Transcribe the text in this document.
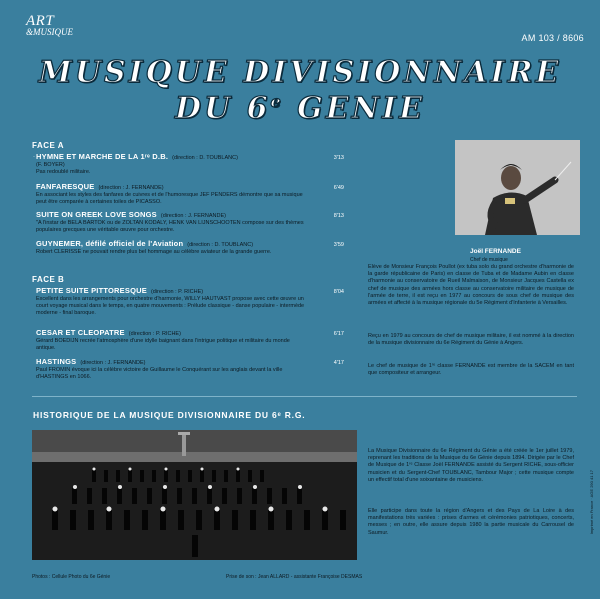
ART
&MUSIQUE
AM 103 / 8606
MUSIQUE DIVISIONNAIRE
DU 6e GENIE
FACE A
· HYMNE ET MARCHE DE LA 1ʳᵉ D.B. (direction : D. TOUBLANC)	3'13
(F. BOYER)
Pas redoublé militaire.
FANFARESQUE (direction : J. FERNANDE)	6'49
En associant les styles des fanfares de cuivres et de l'humoresque JEF PENDERS démontre que sa musique peut être comparée à certaines toiles de PICASSO.
SUITE ON GREEK LOVE SONGS (direction : J. FERNANDE)	8'13
"A l'instar de BELA BARTOK ou de ZOLTAN KODALY, HENK VAN LIJNSCHOOTEN compose sur des thèmes populaires grecques une véritable œuvre pour orchestre.
GUYNEMER, défilé officiel de l'Aviation (direction : D. TOUBLANC)	3'59
Robert CLERISSE ne pouvait rendre plus bel hommage au célèbre aviateur de la grande guerre.
FACE B
PETITE SUITE PITTORESQUE (direction : P. RICHE)	8'04
Excellent dans les arrangements pour orchestre d'harmonie, WILLY HAUTVAST propose avec cette œuvre un court voyage musical dans le temps, en quatre mouvements : Prélude classique - danse populaire - intermède moderne - final baroque.
CESAR ET CLEOPATRE (direction : P. RICHE)	6'17
Gérard BOEDIJN recrée l'atmosphère d'une idylle baignant dans l'intrigue politique et militaire du monde antique.
HASTINGS (direction : J. FERNANDE)	4'17
Paul FROMIN évoque ici la célèbre victoire de Guillaume le Conquérant sur les anglais devant la ville d'HASTINGS en 1066.
Joël FERNANDE
Chef de musique
Elève de Monsieur François Poullot (ex tuba solo du grand orchestre d'harmonie de la garde républicaine de Paris) en classe de Tuba et de Madame Aubin en classe d'harmonie au conservatoire de Rueil Malmaison, de Monsieur Jacques Castella ex chef de musique des armées hors classe au conservatoire militaire de musique de l'armée de terre, il est reçu en 1977 au concours de sous chef de musique des armées et affecté à la musique régionale du 5e Régiment d'Infanterie à Versailles.
Reçu en 1979 au concours de chef de musique militaire, il est nommé à la direction de la musique divisionnaire du 6e Régiment du Génie à Angers.
Le chef de musique de 1ʳᵉ classe FERNANDE est membre de la SACEM en tant que compositeur et arrangeur.
HISTORIQUE DE LA MUSIQUE DIVISIONNAIRE DU 6ᵉ R.G.
La Musique Divisionnaire du 6e Régiment du Génie a été créée le 1er juillet 1979, reprenant les traditions de la Musique du 6e Génie depuis 1894. Dirigée par le Chef de Musique de 1ʳᵉ Classe Joël FERNANDE assisté du Sergent RICHE, sous-officier musicien et du Sergent-Chef TOUBLANC, Tambour Major ; cette musique compte un effectif total d'une soixantaine de musiciens.
Elle participe dans toute la région d'Angers et des Pays de La Loire à des manifestations très variées : prises d'armes et cérémonies patriotiques, concerts, messes ; en outre, elle assure depuis 1980 la partie musicale du Carrousel de Saumur.
Photos : Cellule Photo du 6e Génie	Prise de son : Jean ALLARD - assistante Françoise DESMAS
Imprimé en France · AGE 290 41 17
